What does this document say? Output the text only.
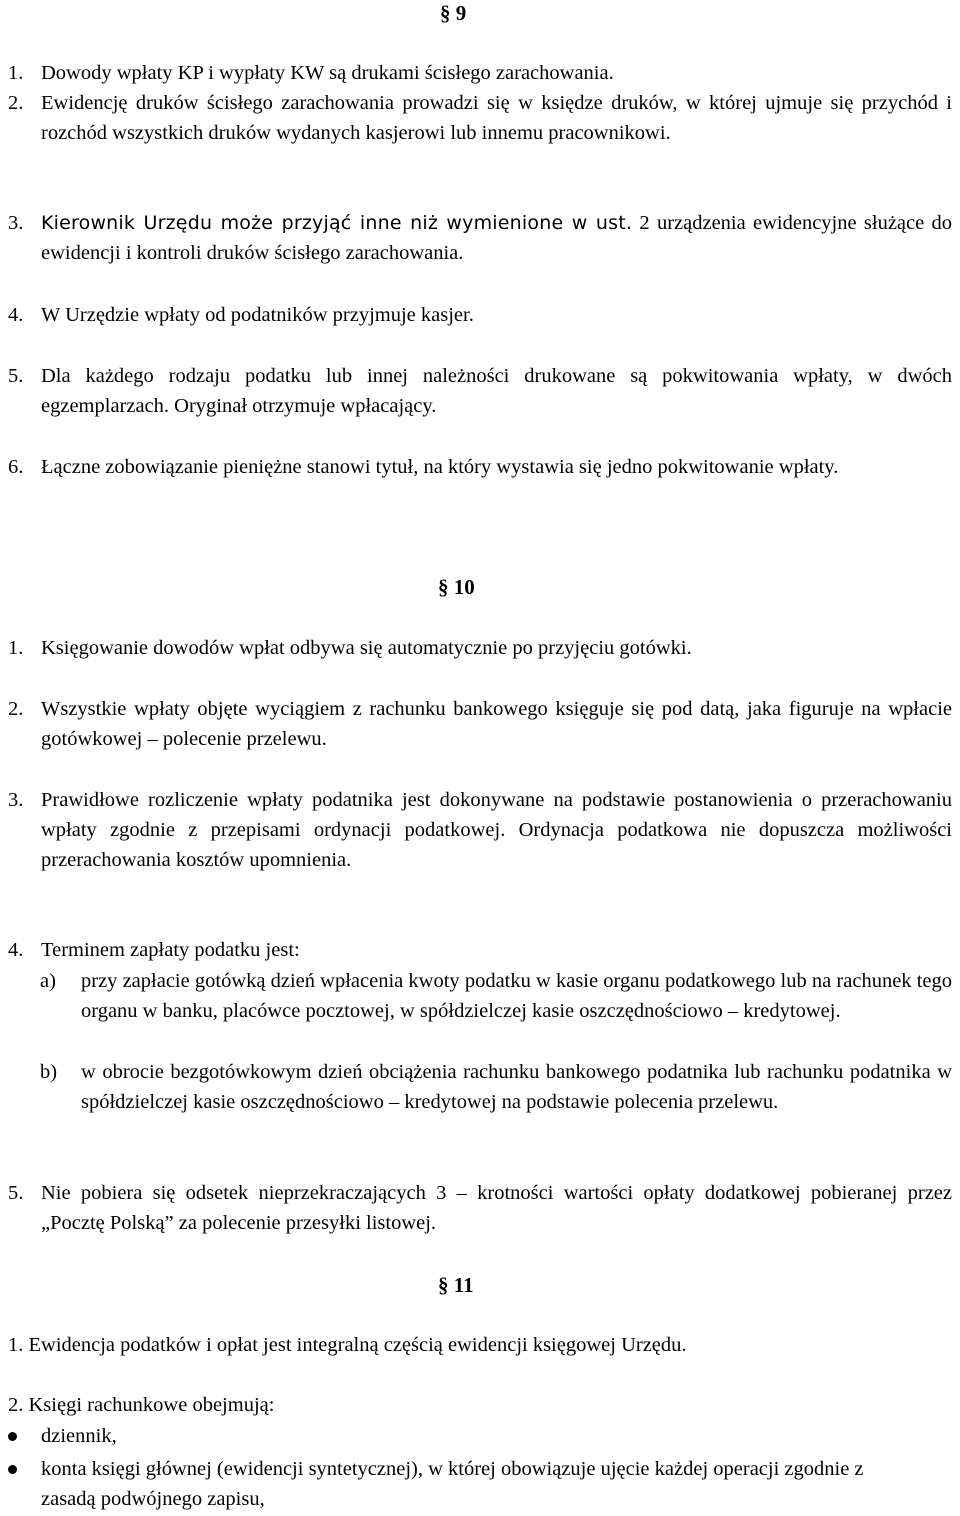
§ 9
1. Dowody wpłaty KP i wypłaty KW są drukami ścisłego zarachowania.
2. Ewidencję druków ścisłego zarachowania prowadzi się w księdze druków, w której ujmuje się przychód i rozchód wszystkich druków wydanych kasjerowi lub innemu pracownikowi.
3. Kierownik Urzędu może przyjąć inne niż wymienione w ust. 2 urządzenia ewidencyjne służące do ewidencji i kontroli druków ścisłego zarachowania.
4. W Urzędzie wpłaty od podatników przyjmuje kasjer.
5. Dla każdego rodzaju podatku lub innej należności drukowane są pokwitowania wpłaty, w dwóch egzemplarzach. Oryginał otrzymuje wpłacający.
6. Łączne zobowiązanie pieniężne stanowi tytuł, na który wystawia się jedno pokwitowanie wpłaty.
§ 10
1. Księgowanie dowodów wpłat odbywa się automatycznie po przyjęciu gotówki.
2. Wszystkie wpłaty objęte wyciągiem z rachunku bankowego księguje się pod datą, jaka figuruje na wpłacie gotówkowej – polecenie przelewu.
3. Prawidłowe rozliczenie wpłaty podatnika jest dokonywane na podstawie postanowienia o przerachowaniu wpłaty zgodnie z przepisami ordynacji podatkowej. Ordynacja podatkowa nie dopuszcza możliwości przerachowania kosztów upomnienia.
4. Terminem zapłaty podatku jest:
a) przy zapłacie gotówką dzień wpłacenia kwoty podatku w kasie organu podatkowego lub na rachunek tego organu w banku, placówce pocztowej, w spółdzielczej kasie oszczędnościowo – kredytowej.
b) w obrocie bezgotówkowym dzień obciążenia rachunku bankowego podatnika lub rachunku podatnika w spółdzielczej kasie oszczędnościowo – kredytowej na podstawie polecenia przelewu.
5. Nie pobiera się odsetek nieprzekraczających 3 – krotności wartości opłaty dodatkowej pobieranej przez „Pocztę Polską” za polecenie przesyłki listowej.
§ 11
1. Ewidencja podatków i opłat jest integralną częścią ewidencji księgowej Urzędu.
2. Księgi rachunkowe obejmują:
dziennik,
konta księgi głównej (ewidencji syntetycznej), w której obowiązuje ujęcie każdej operacji zgodnie z zasadą podwójnego zapisu,
